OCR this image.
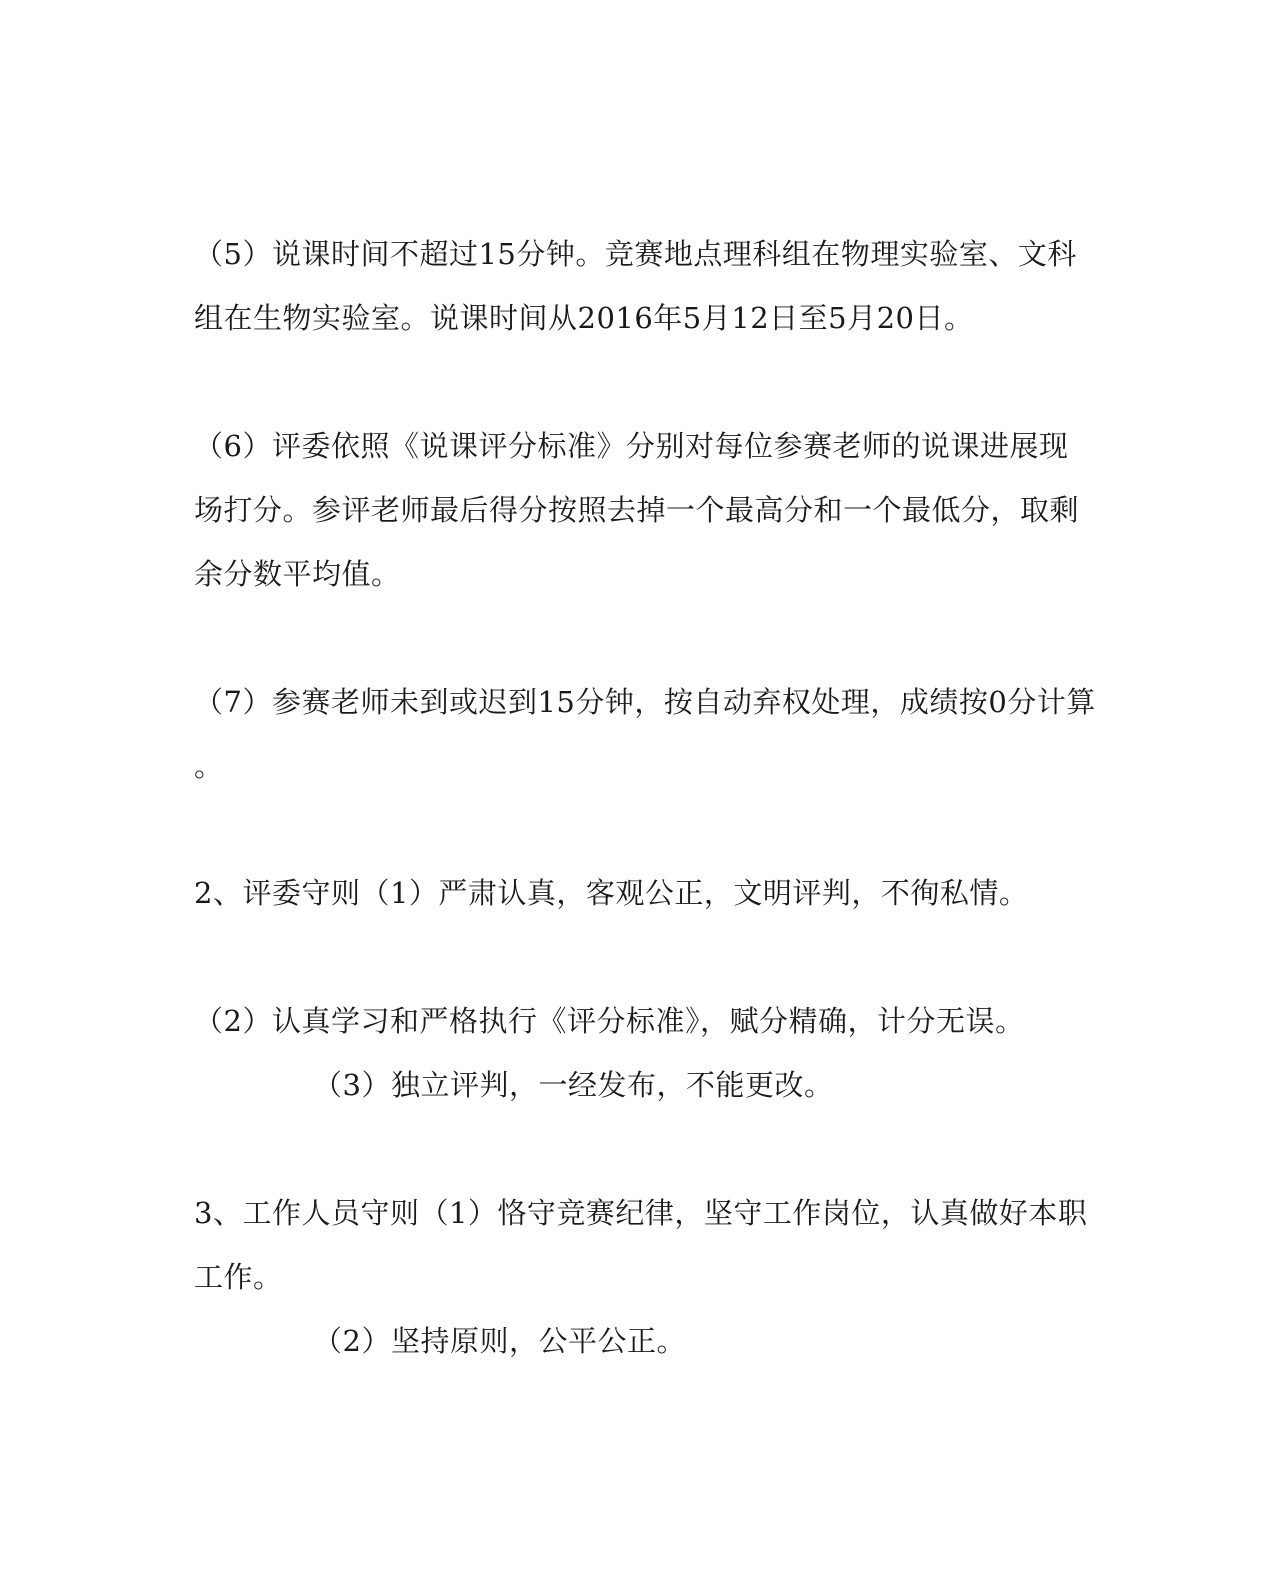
（5）说课时间不超过15分钟。竞赛地点理科组在物理实验室、文科
组在生物实验室。说课时间从2016年5月12日至5月20日。
（6）评委依照《说课评分标准》分别对每位参赛老师的说课进展现
场打分。参评老师最后得分按照去掉一个最高分和一个最低分，取剩
余分数平均值。
（7）参赛老师未到或迟到15分钟，按自动弃权处理，成绩按0分计算
。
2、评委守则（1）严肃认真，客观公正，文明评判，不徇私情。
（2）认真学习和严格执行《评分标准》，赋分精确，计分无误。
（3）独立评判，一经发布，不能更改。
3、工作人员守则（1）恪守竞赛纪律，坚守工作岗位，认真做好本职
工作。
（2）坚持原则，公平公正。
